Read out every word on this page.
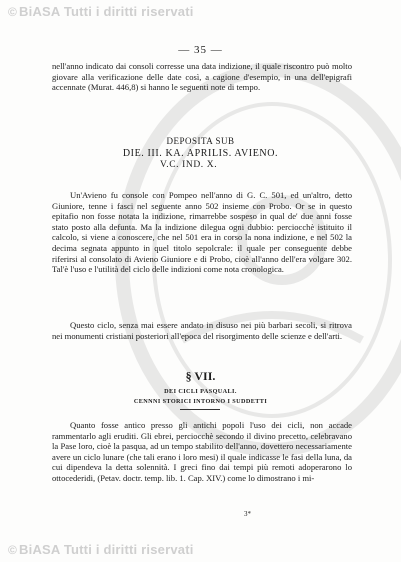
© BiASA Tutti i diritti riservati
— 35 —

nell'anno indicato dai consoli corresse una data indizione, il quale riscontro può molto giovare alla verificazione delle date così, a cagione d'esempio, in una dell'epigrafi accennate (Murat. 446,8) si hanno le seguenti note di tempo.

DEPOSITA SUB
DIE. III. KA. APRILIS. AVIENO.
V.C. IND. X.

Un'Avieno fu console con Pompeo nell'anno di G. C. 501, ed un'altro, detto Giuniore, tenne i fasci nel seguente anno 502 insieme con Probo. Or se in questo epitafio non fosse notata la indizione, rimarrebbe sospeso in qual de' due anni fosse stato posto alla defunta. Ma la indizione dilegua ogni dubbio: perciocchè istituito il calcolo, si viene a conoscere, che nel 501 era in corso la nona indizione, e nel 502 la decima segnata appunto in quel titolo sepolcrale: il quale per conseguente debbe riferirsi al consolato di Avieno Giuniore e di Probo, cioè all'anno dell'era volgare 302. Tal'è l'uso e l'utilità del ciclo delle indizioni come nota cronologica.

Questo ciclo, senza mai essere andato in disuso nei più barbari secoli, si ritrova nei monumenti cristiani posteriori all'epoca del risorgimento delle scienze e dell'arti.

§ VII.
DEI CICLI PASQUALI.
CENNNI STORICI INTORNO I SUDDETTI

Quanto fosse antico presso gli antichi popoli l'uso dei cicli, non accade rammentarlo agli eruditi. Gli ebrei, perciocchè secondo il divino precetto, celebravano la Pase loro, cioè la pasqua, ad un tempo stabilito dell'anno, dovettero necessariamente avere un ciclo lunare (che tali erano i loro mesi) il quale indicasse le fasi della luna, da cui dipendeva la detta solennità. I greci fino dai tempi più remoti adoperarono lo ottocederidi, (Petav. doctr. temp. lib. 1. Cap. XIV.) come lo dimostrano i mi-

3*
© BiASA Tutti i diritti riservati
